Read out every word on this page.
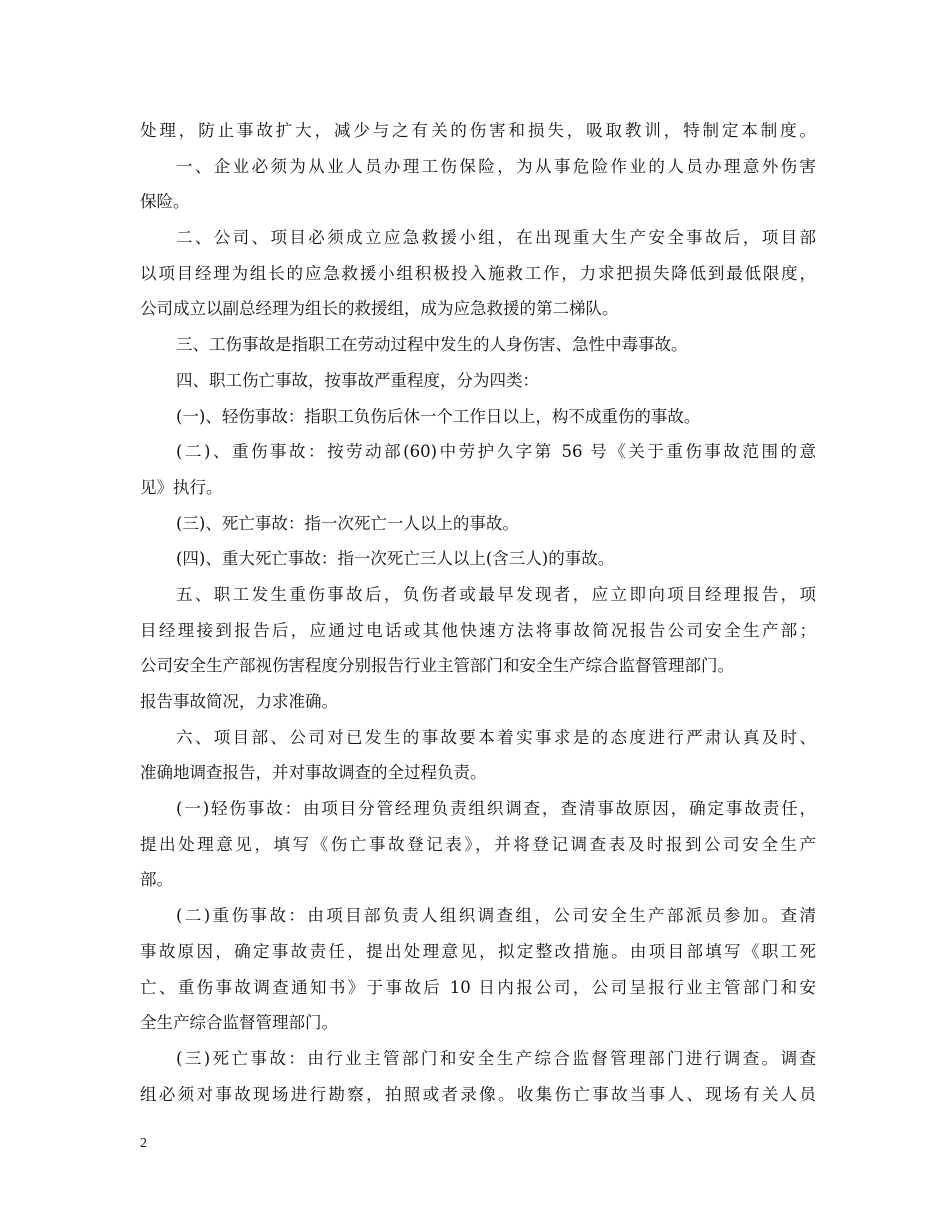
处理，防止事故扩大，减少与之有关的伤害和损失，吸取教训，特制定本制度。
一、企业必须为从业人员办理工伤保险，为从事危险作业的人员办理意外伤害
保险。
二、公司、项目必须成立应急救援小组，在出现重大生产安全事故后，项目部
以项目经理为组长的应急救援小组积极投入施救工作，力求把损失降低到最低限度，
公司成立以副总经理为组长的救援组，成为应急救援的第二梯队。
三、工伤事故是指职工在劳动过程中发生的人身伤害、急性中毒事故。
四、职工伤亡事故，按事故严重程度，分为四类：
(一)、轻伤事故：指职工负伤后休一个工作日以上，构不成重伤的事故。
(二)、重伤事故：按劳动部(60)中劳护久字第 56 号《关于重伤事故范围的意
见》执行。
(三)、死亡事故：指一次死亡一人以上的事故。
(四)、重大死亡事故：指一次死亡三人以上(含三人)的事故。
五、职工发生重伤事故后，负伤者或最早发现者，应立即向项目经理报告，项
目经理接到报告后，应通过电话或其他快速方法将事故简况报告公司安全生产部；
公司安全生产部视伤害程度分别报告行业主管部门和安全生产综合监督管理部门。
报告事故简况，力求准确。
六、项目部、公司对已发生的事故要本着实事求是的态度进行严肃认真及时、
准确地调查报告，并对事故调查的全过程负责。
(一)轻伤事故：由项目分管经理负责组织调查，查清事故原因，确定事故责任，
提出处理意见，填写《伤亡事故登记表》，并将登记调查表及时报到公司安全生产
部。
(二)重伤事故：由项目部负责人组织调查组，公司安全生产部派员参加。查清
事故原因，确定事故责任，提出处理意见，拟定整改措施。由项目部填写《职工死
亡、重伤事故调查通知书》于事故后 10 日内报公司，公司呈报行业主管部门和安
全生产综合监督管理部门。
(三)死亡事故：由行业主管部门和安全生产综合监督管理部门进行调查。调查
组必须对事故现场进行勘察，拍照或者录像。收集伤亡事故当事人、现场有关人员
2
